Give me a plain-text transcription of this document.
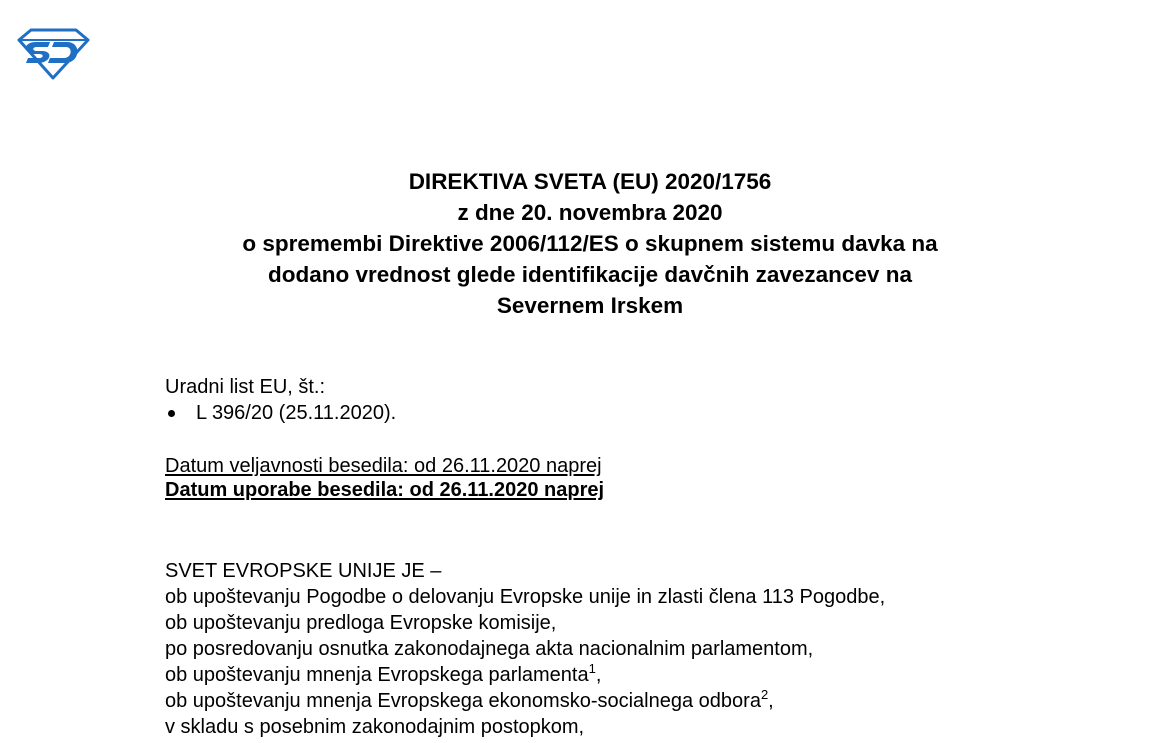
DIREKTIVA SVETA (EU) 2020/1756
z dne 20. novembra 2020
o spremembi Direktive 2006/112/ES o skupnem sistemu davka na
dodano vrednost glede identifikacije davčnih zavezancev na
Severnem Irskem
Uradni list EU, št.:
L 396/20 (25.11.2020).
Datum veljavnosti besedila: od 26.11.2020 naprej
Datum uporabe besedila: od 26.11.2020 naprej
SVET EVROPSKE UNIJE JE –
ob upoštevanju Pogodbe o delovanju Evropske unije in zlasti člena 113 Pogodbe,
ob upoštevanju predloga Evropske komisije,
po posredovanju osnutka zakonodajnega akta nacionalnim parlamentom,
ob upoštevanju mnenja Evropskega parlamenta$^1$,
ob upoštevanju mnenja Evropskega ekonomsko-socialnega odbora$^2$,
v skladu s posebnim zakonodajnim postopkom,
